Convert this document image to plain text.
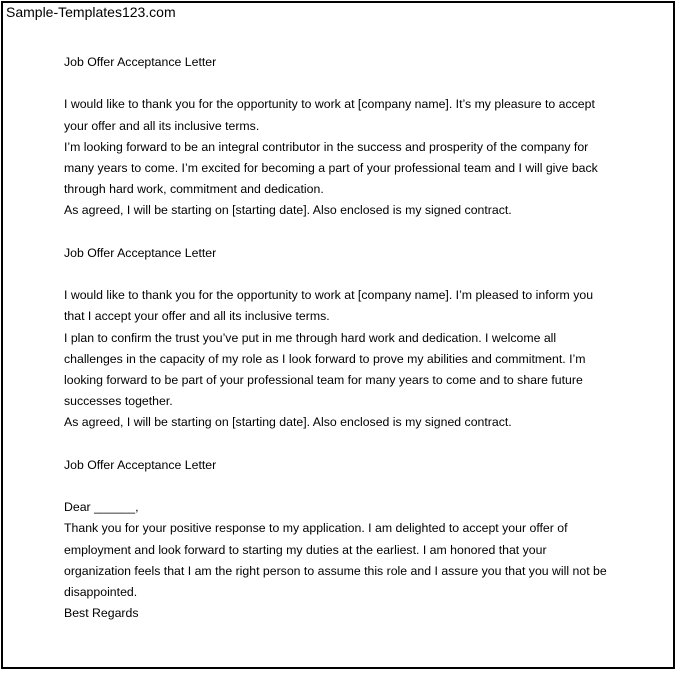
Sample-Templates123.com
Job Offer Acceptance Letter
I would like to thank you for the opportunity to work at [company name]. It’s my pleasure to accept
your offer and all its inclusive terms.
I’m looking forward to be an integral contributor in the success and prosperity of the company for
many years to come. I’m excited for becoming a part of your professional team and I will give back
through hard work, commitment and dedication.
As agreed, I will be starting on [starting date]. Also enclosed is my signed contract.
Job Offer Acceptance Letter
I would like to thank you for the opportunity to work at [company name]. I’m pleased to inform you
that I accept your offer and all its inclusive terms.
I plan to confirm the trust you’ve put in me through hard work and dedication. I welcome all
challenges in the capacity of my role as I look forward to prove my abilities and commitment. I’m
looking forward to be part of your professional team for many years to come and to share future
successes together.
As agreed, I will be starting on [starting date]. Also enclosed is my signed contract.
Job Offer Acceptance Letter
Dear ______,
Thank you for your positive response to my application. I am delighted to accept your offer of
employment and look forward to starting my duties at the earliest. I am honored that your
organization feels that I am the right person to assume this role and I assure you that you will not be
disappointed.
Best Regards
